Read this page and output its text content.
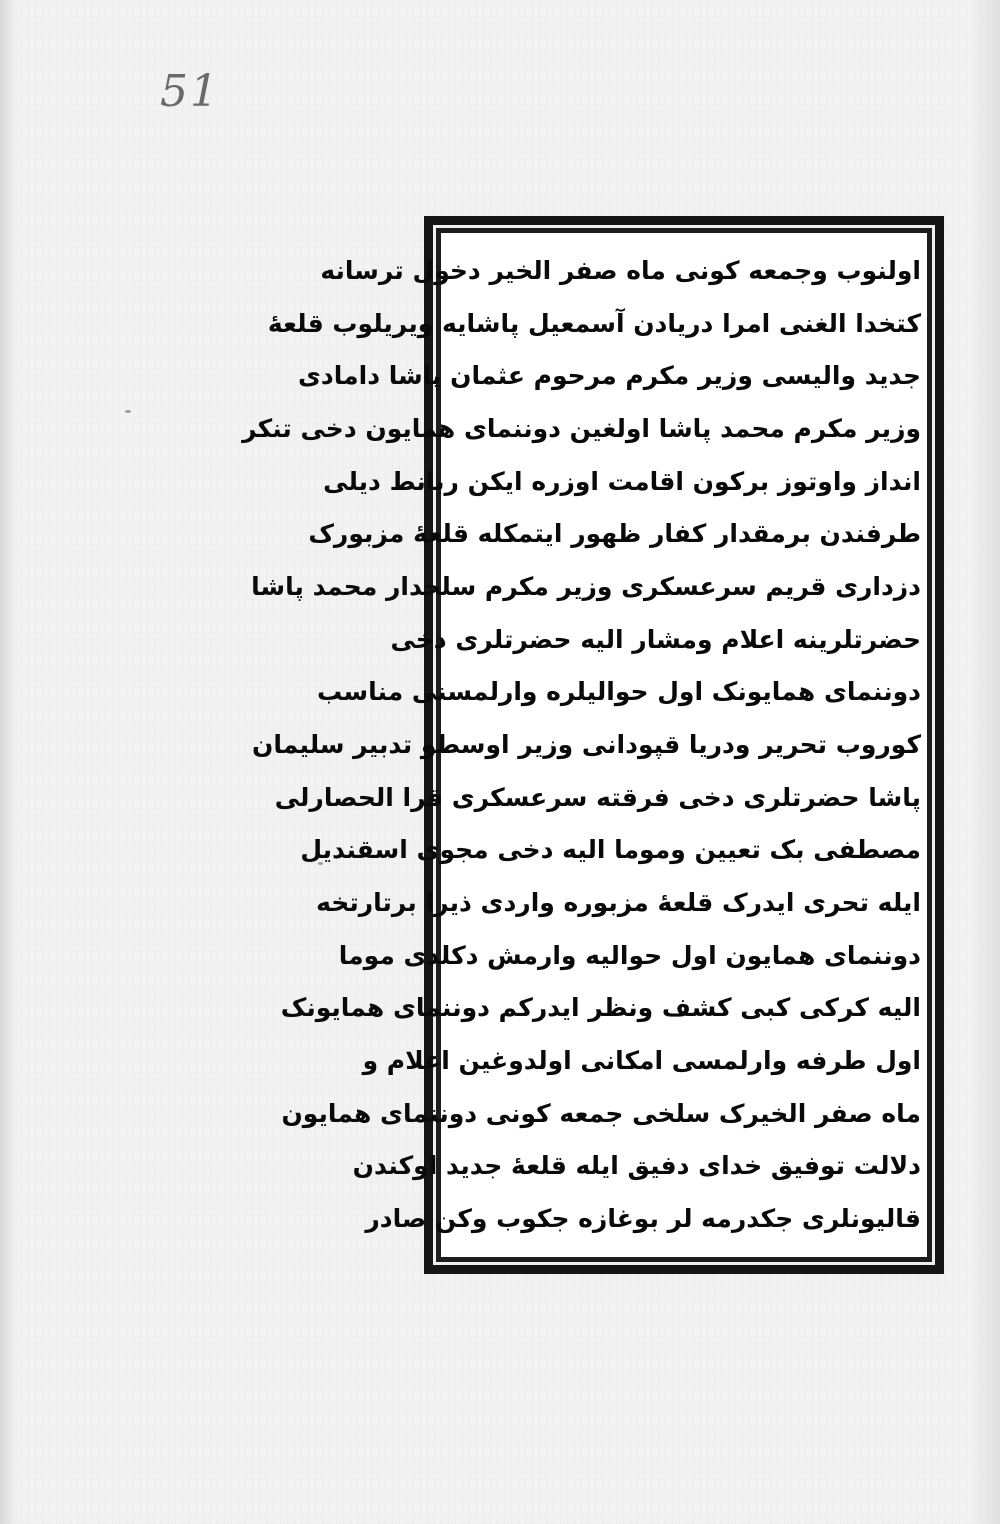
51
اولنوب وجمعه کونی ماه صفر الخیر دخول ترسانه
کتخدا الغنی امرا دریادن آسمعیل پاشایه ویریلوب قلعۀ
جدید والیسی وزیر مکرم مرحوم عثمان پاشا دامادی
وزیر مکرم محمد پاشا اولغین دوننمای همایون دخی تنکر
انداز واوتوز برکون اقامت اوزره ایکن ربانط دیلی
طرفندن برمقدار کفار ظهور ایتمکله قلعۀ مزبورک
دزداری قریم سرعسکری وزیر مکرم سلحدار محمد پاشا
حضرتلرینه اعلام ومشار الیه حضرتلری دخی
دوننمای همایونک اول حوالیلره وارلمسنی مناسب
کوروب تحریر ودریا قپودانی وزیر اوسطو تدبیر سلیمان
پاشا حضرتلری دخی فرقته سرعسکری قرا الحصارلی
مصطفی بک تعیین وموما الیه دخی مجوی اسقندیل
ایله تحری ایدرک قلعۀ مزبوره واردی ذیرا برتارتخه
دوننمای همایون اول حوالیه وارمش دکلدی موما
الیه کرکی کبی کشف ونظر ایدرکم دوننمای همایونک
اول طرفه وارلمسی امکانی اولدوغین اعلام و
ماه صفر الخیرک سلخی جمعه کونی دوننمای همایون
دلالت توفیق خدای دفیق ایله قلعۀ جدید اوکندن
قالیونلری جکدرمه لر بوغازه جکوب وکن صادر
